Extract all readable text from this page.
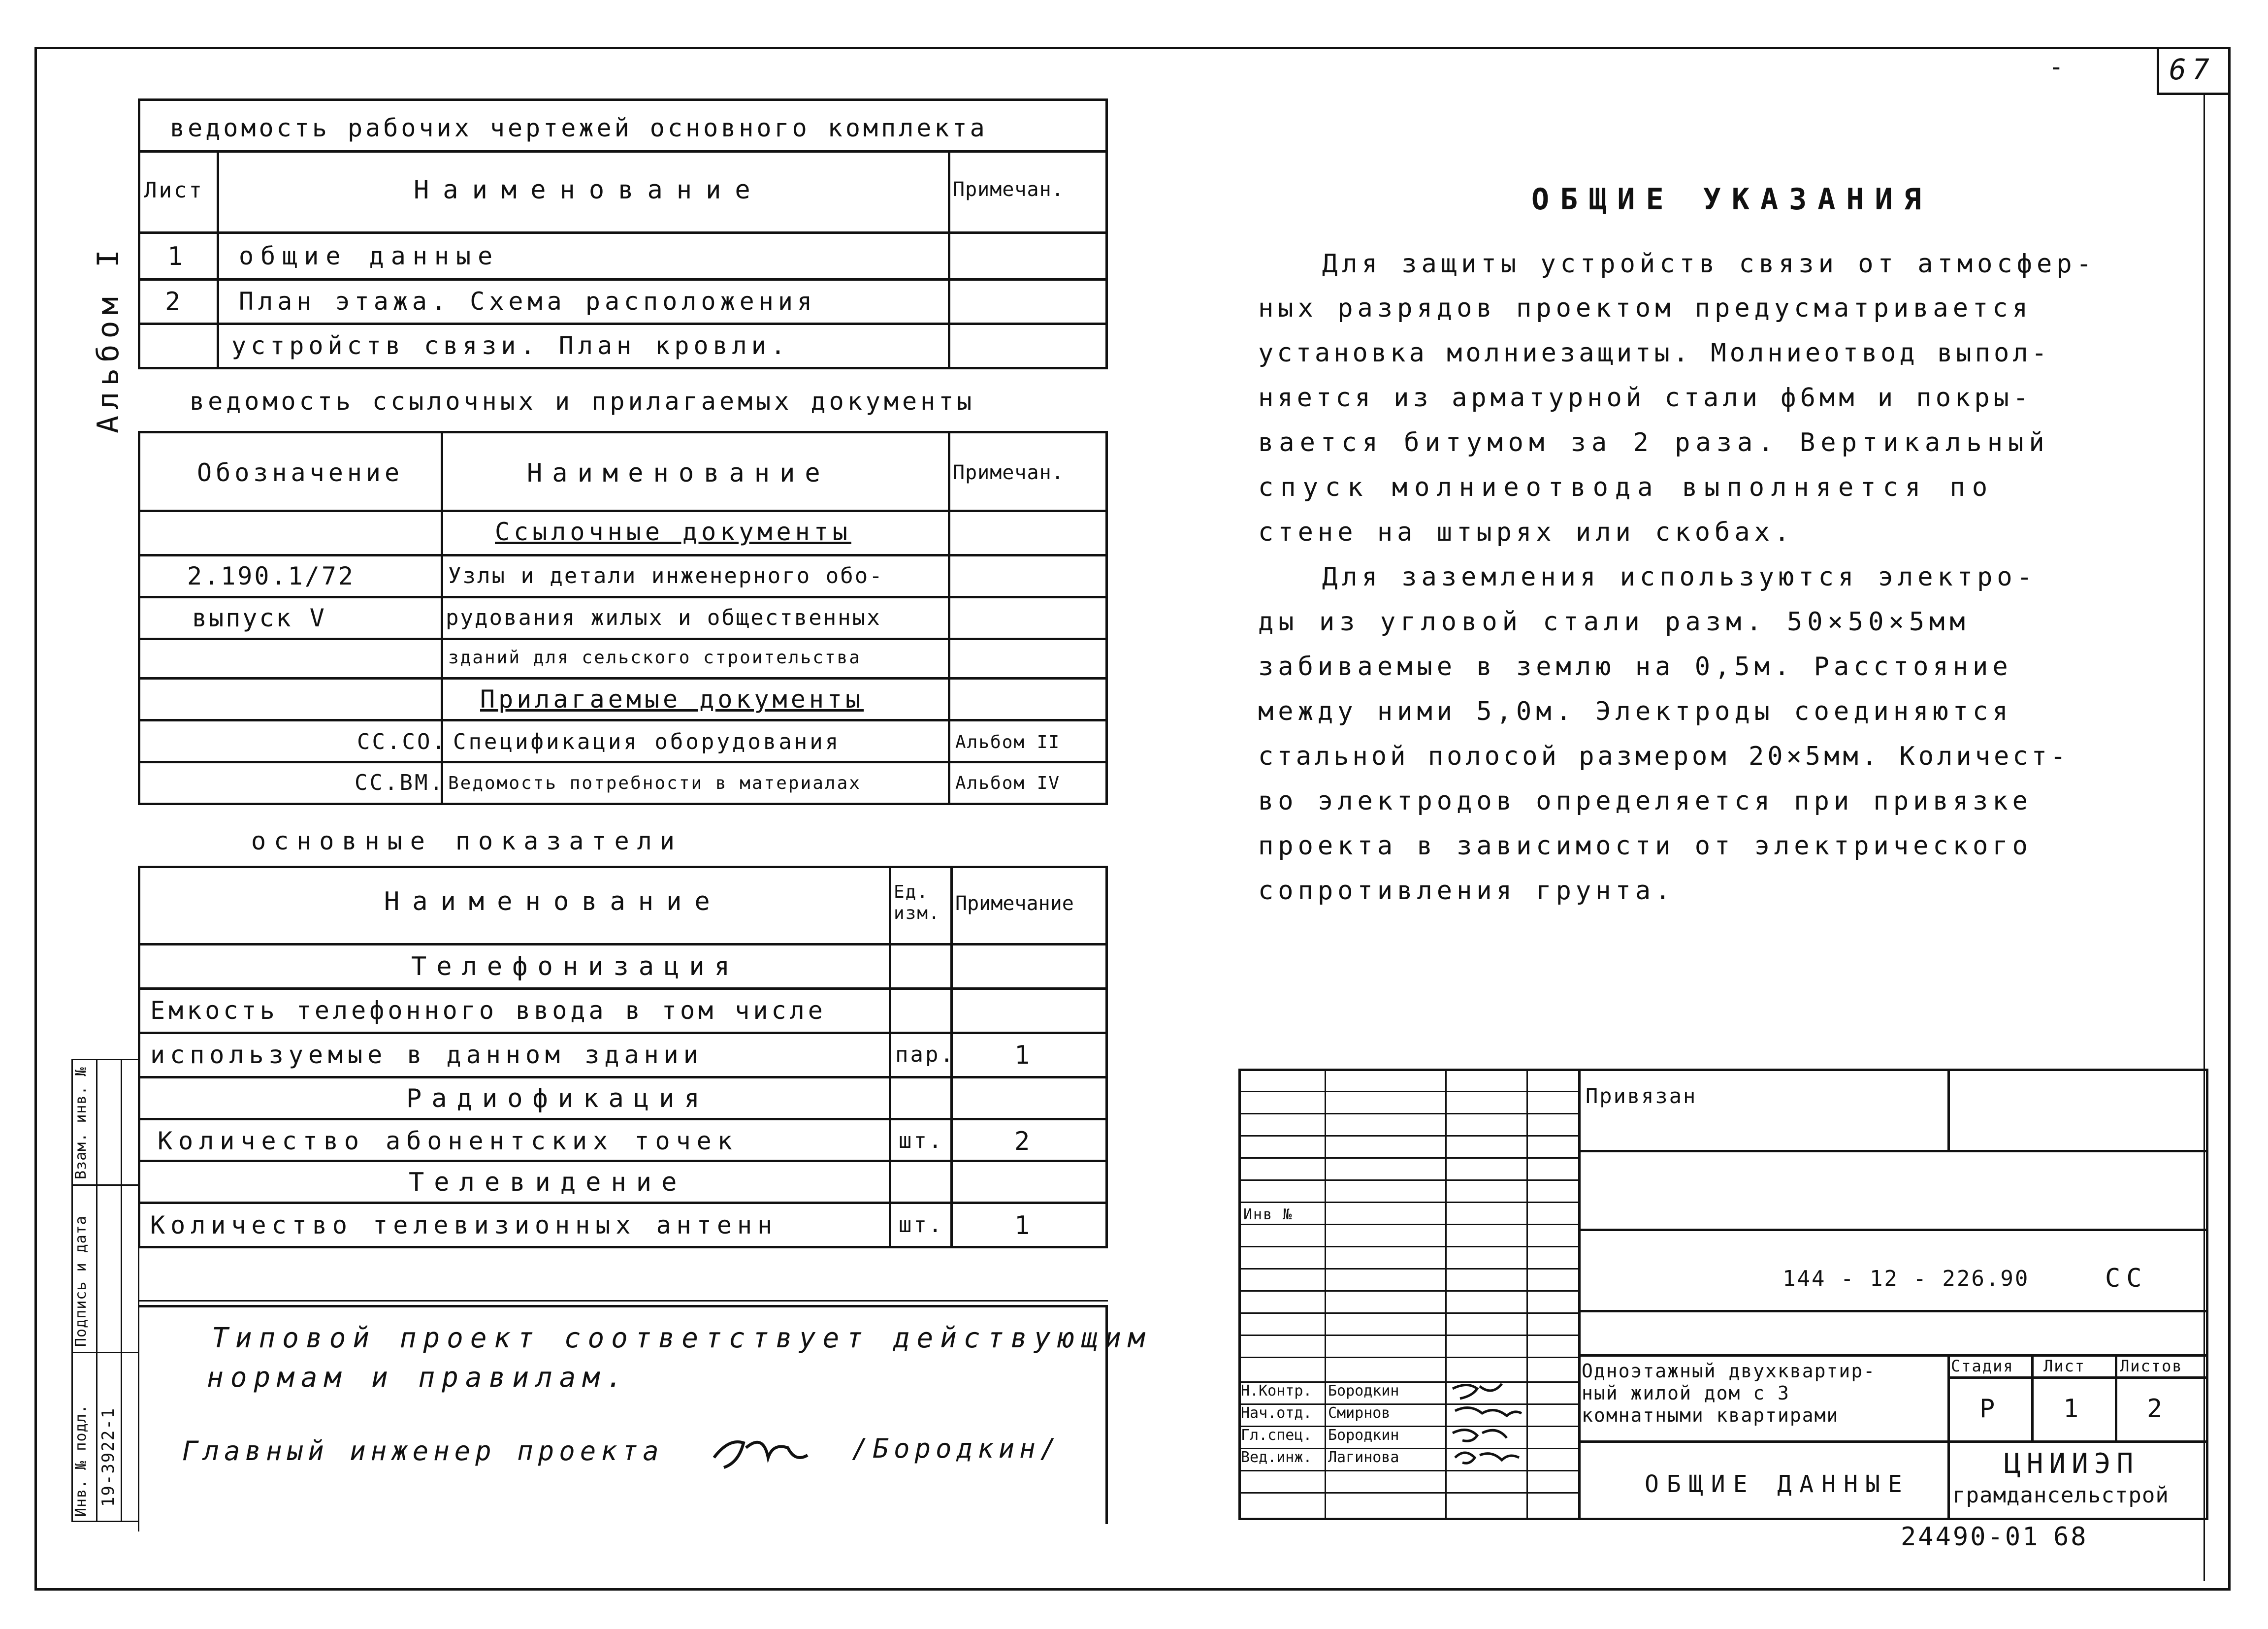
67
-
Альбом I
ведомость рабочих чертежей основного комплекта
Лист	Наименование	Примечан.
1 общие данные
2 План этажа. Схема расположения
устройств связи. План кровли.
ведомость ссылочных и прилагаемых документы
Обозначение	Наименование	Примечан.
Ссылочные документы
2.190.1/72	Узлы и детали инженерного обо-
выпуск V	рудования жилых и общественных
зданий для сельского строительства
Прилагаемые документы
СС.СО. Спецификация оборудования	Альбом II
СС.ВМ. Ведомость потребности в материалах	Альбом IV
основные показатели
Наименование	Ед. изм. Примечание
Телефонизация
Емкость телефонного ввода в том числе
используемые в данном здании	пар. 1
Радиофикация
Количество абонентских точек	шт.	2
Телевидение
Количество телевизионных антенн	шт.	1
Типовой проект соответствует действующим
нормам и правилам.
Главный инженер проекта	/Бородкин/
Взам. инв. №
Подпись и дата
Инв. № подл. 19-3922-1
ОБЩИЕ УКАЗАНИЯ
Для защиты устройств связи от атмосфер-
ных разрядов проектом предусматривается
установка молниезащиты. Молниеотвод выпол-
няется из арматурной стали ф6мм и покры-
вается битумом за 2 раза. Вертикальный
спуск молниеотвода выполняется по
стене на штырях или скобах.
Для заземления используются электро-
ды из угловой стали разм. 50×50×5мм
забиваемые в землю на 0,5м. Расстояние
между ними 5,0м. Электроды соединяются
стальной полосой размером 20×5мм. Количест-
во электродов определяется при привязке
проекта в зависимости от электрического
сопротивления грунта.
Инв №
Привязан
144 - 12 - 226.90	СС
Одноэтажный двухквартир-
ный жилой дом с 3
комнатными квартирами
ОБЩИЕ ДАННЫЕ
Стадия Лист Листов
Р 1 2
ЦНИИЭП
грамдансельстрой
Н.Контр. Бородкин
Нач.отд. Смирнов
Гл.спец. Бородкин
Вед.инж. Лагинова
24490-01 68
